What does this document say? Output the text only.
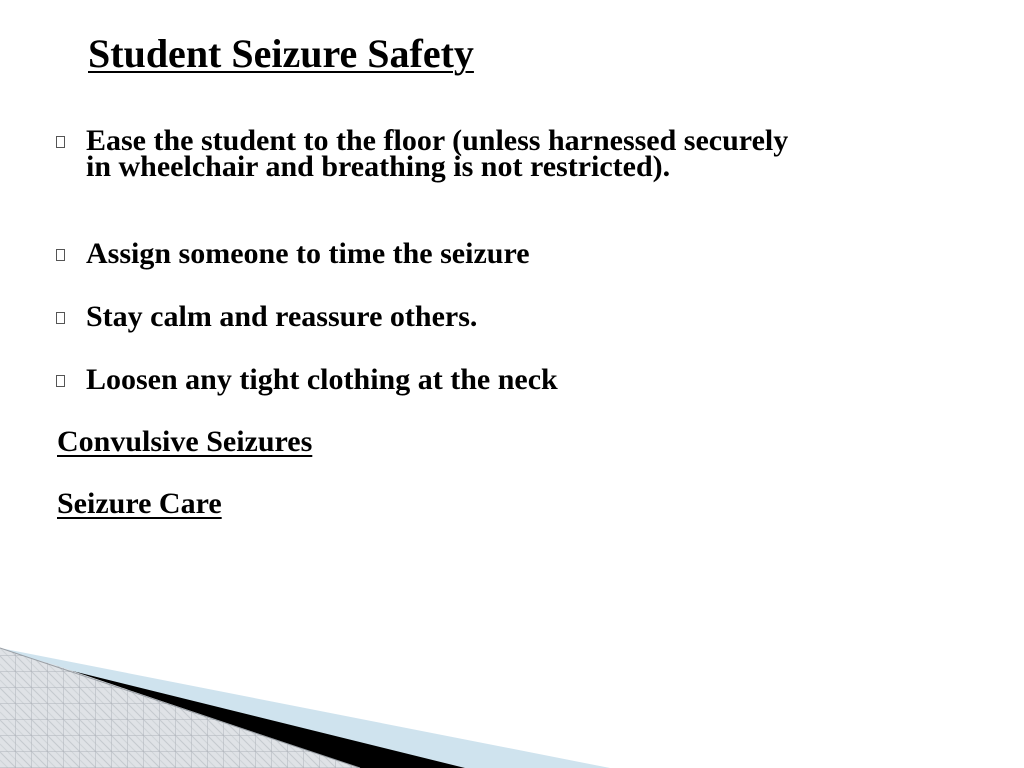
Student Seizure Safety
Ease the student to the floor (unless harnessed securely in wheelchair and breathing is not restricted).
Assign someone to time the seizure
Stay calm and reassure others.
Loosen any tight clothing at the neck
Convulsive Seizures
Seizure Care
